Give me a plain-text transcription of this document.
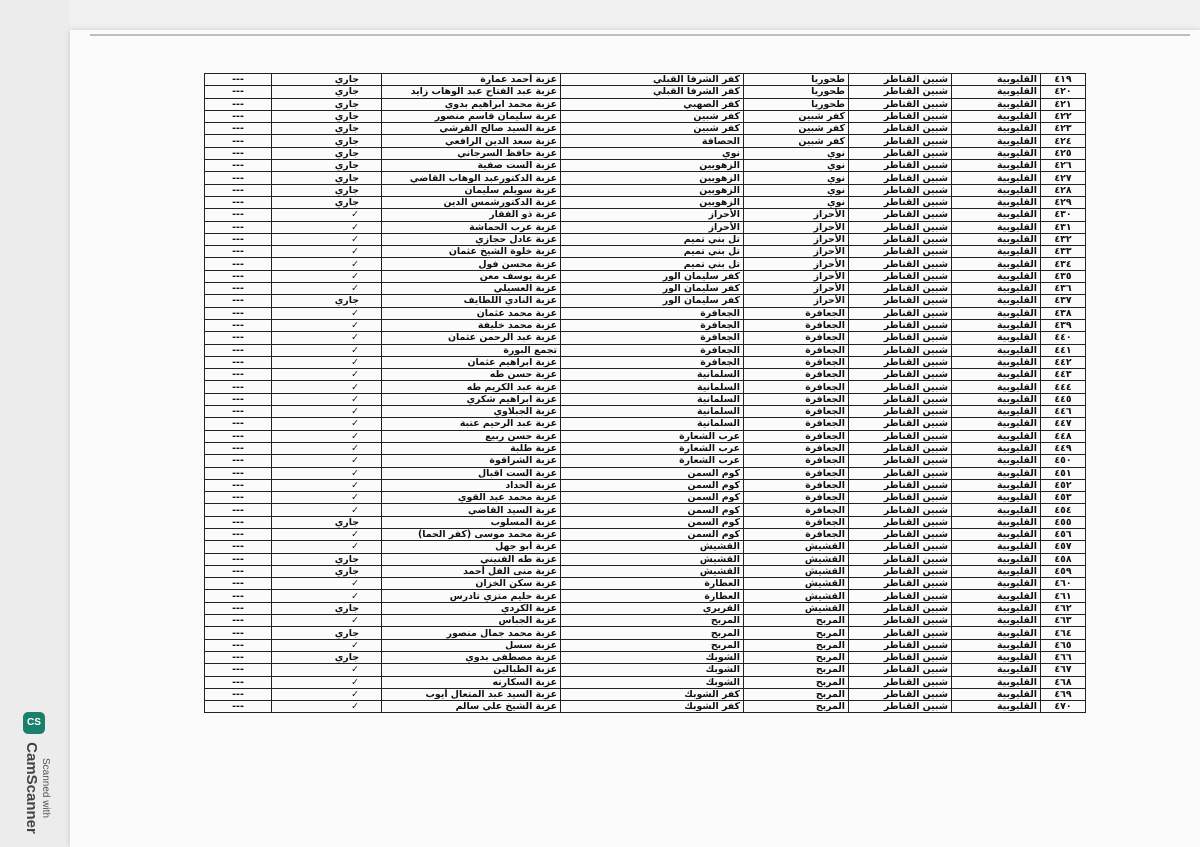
٤١٩	القليوبية	شبين القناطر	طحوريا	كفر الشرفا القبلي	عزبة أحمد عمارة	جاري	---
٤٢٠	القليوبية	شبين القناطر	طحوريا	كفر الشرفا القبلي	عزبة عبد الفتاح عبد الوهاب زايد	جاري	---
٤٢١	القليوبية	شبين القناطر	طحوريا	كفر الصهبي	عزبة محمد ابراهيم بدوي	جاري	---
٤٢٢	القليوبية	شبين القناطر	كفر شبين	كفر شبين	عزبة سليمان قاسم منصور	جاري	---
٤٢٣	القليوبية	شبين القناطر	كفر شبين	كفر شبين	عزبة السيد صالح القرشي	جاري	---
٤٢٤	القليوبية	شبين القناطر	كفر شبين	الحصافة	عزبة سعد الدين الرافعي	جاري	---
٤٢٥	القليوبية	شبين القناطر	نوي	نوي	عزبة حافظ السرجاني	جاري	---
٤٢٦	القليوبية	شبين القناطر	نوي	الزهويين	عزبة الست صفية	جاري	---
٤٢٧	القليوبية	شبين القناطر	نوي	الزهويين	عزبة الدكتورعبد الوهاب القاضي	جاري	---
٤٢٨	القليوبية	شبين القناطر	نوي	الزهويين	عزبة سويلم سليمان	جاري	---
٤٢٩	القليوبية	شبين القناطر	نوي	الزهويين	عزبة الدكتورشمس الدين	جاري	---
٤٣٠	القليوبية	شبين القناطر	الأحراز	الأحراز	عزبة ذو الفقار	✓	---
٤٣١	القليوبية	شبين القناطر	الأحراز	الأحراز	عزبة عرب الحماشة	✓	---
٤٣٢	القليوبية	شبين القناطر	الأحراز	تل بني تميم	عزبة عادل حجازي	✓	---
٤٣٣	القليوبية	شبين القناطر	الأحراز	تل بني تميم	عزبة خلوة الشيخ عثمان	✓	---
٤٣٤	القليوبية	شبين القناطر	الأحراز	تل بني تميم	عزبة محسن فول	✓	---
٤٣٥	القليوبية	شبين القناطر	الأحراز	كفر سليمان الور	عزبة يوسف معن	✓	---
٤٣٦	القليوبية	شبين القناطر	الأحراز	كفر سليمان الور	عزبة العسيلي	✓	---
٤٣٧	القليوبية	شبين القناطر	الأحراز	كفر سليمان الور	عزبة النادي اللطايف	جاري	---
٤٣٨	القليوبية	شبين القناطر	الجعافرة	الجعافرة	عزبة محمد عثمان	✓	---
٤٣٩	القليوبية	شبين القناطر	الجعافرة	الجعافرة	عزبة محمد خليفة	✓	---
٤٤٠	القليوبية	شبين القناطر	الجعافرة	الجعافرة	عزبة عبد الرحمن عثمان	✓	---
٤٤١	القليوبية	شبين القناطر	الجعافرة	الجعافرة	تجمع البورة	✓	---
٤٤٢	القليوبية	شبين القناطر	الجعافرة	الجعافرة	عزبة ابراهيم عثمان	✓	---
٤٤٣	القليوبية	شبين القناطر	الجعافرة	السلمانية	عزبة حسن طه	✓	---
٤٤٤	القليوبية	شبين القناطر	الجعافرة	السلمانية	عزبة عبد الكريم طه	✓	---
٤٤٥	القليوبية	شبين القناطر	الجعافرة	السلمانية	عزبة ابراهيم شكري	✓	---
٤٤٦	القليوبية	شبين القناطر	الجعافرة	السلمانية	عزبة الجبلاوي	✓	---
٤٤٧	القليوبية	شبين القناطر	الجعافرة	السلمانية	عزبة عبد الرحيم عتبة	✓	---
٤٤٨	القليوبية	شبين القناطر	الجعافرة	عرب الشعارة	عزبة حسن ربيع	✓	---
٤٤٩	القليوبية	شبين القناطر	الجعافرة	عرب الشعارة	عزبة طلبة	✓	---
٤٥٠	القليوبية	شبين القناطر	الجعافرة	عرب الشعارة	عزبة الشراقوة	✓	---
٤٥١	القليوبية	شبين القناطر	الجعافرة	كوم السمن	عزبة الست اقبال	✓	---
٤٥٢	القليوبية	شبين القناطر	الجعافرة	كوم السمن	عزبة الحداد	✓	---
٤٥٣	القليوبية	شبين القناطر	الجعافرة	كوم السمن	عزبة محمد عبد القوي	✓	---
٤٥٤	القليوبية	شبين القناطر	الجعافرة	كوم السمن	عزبة السيد القاضي	✓	---
٤٥٥	القليوبية	شبين القناطر	الجعافرة	كوم السمن	عزبة المسلوب	جاري	---
٤٥٦	القليوبية	شبين القناطر	الجعافرة	كوم السمن	عزبة محمد موسى (كفر الحما)	✓	---
٤٥٧	القليوبية	شبين القناطر	القشيش	القشيش	عزبة أبو جهل	✓	---
٤٥٨	القليوبية	شبين القناطر	القشيش	القشيش	عزبة طه الفنيني	جاري	---
٤٥٩	القليوبية	شبين القناطر	القشيش	القشيش	عزبة منى الفل أحمد	جاري	---
٤٦٠	القليوبية	شبين القناطر	القشيش	العطارة	عزبة سكن الخزان	✓	---
٤٦١	القليوبية	شبين القناطر	القشيش	العطارة	عزبة حليم متزي تادرس	✓	---
٤٦٢	القليوبية	شبين القناطر	القشيش	القريري	عزبة الكردي	جاري	---
٤٦٣	القليوبية	شبين القناطر	المربح	المربح	عزبة الجباس	✓	---
٤٦٤	القليوبية	شبين القناطر	المربح	المربح	عزبة محمد جمال منصور	جاري	---
٤٦٥	القليوبية	شبين القناطر	المربح	المربح	عزبة سسل	✓	---
٤٦٦	القليوبية	شبين القناطر	المربح	الشوبك	عزبة مصطفى بدوي	جاري	---
٤٦٧	القليوبية	شبين القناطر	المربح	الشوبك	عزبة الطبالين	✓	---
٤٦٨	القليوبية	شبين القناطر	المربح	الشوبك	عزبة السكارنه	✓	---
٤٦٩	القليوبية	شبين القناطر	المربح	كفر الشوبك	عزبة السيد عبد المتعال أيوب	✓	---
٤٧٠	القليوبية	شبين القناطر	المربح	كفر الشوبك	عزبة الشيخ علي سالم	✓	---
CS
Scanned with
CamScanner
